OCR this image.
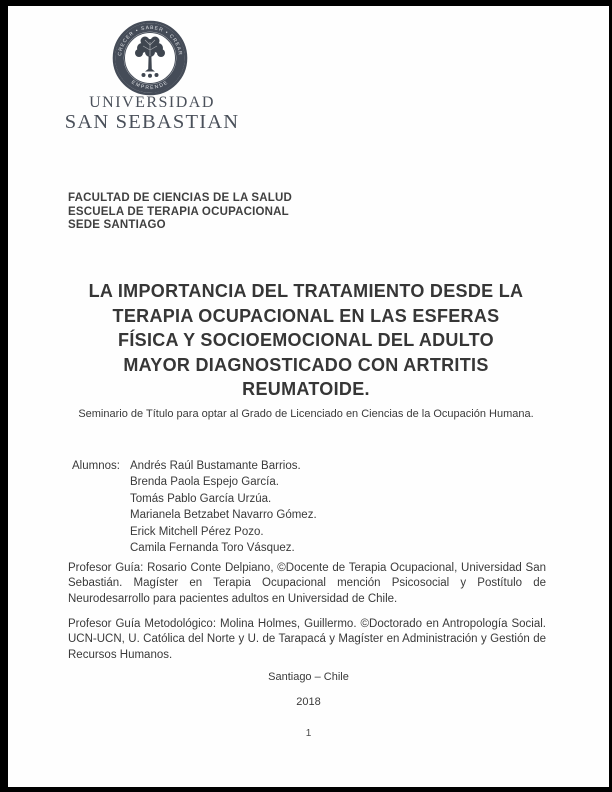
CRECER • SABER • CREAR
EMPRENDE
UNIVERSIDAD
SAN SEBASTIAN
FACULTAD DE CIENCIAS DE LA SALUD
ESCUELA DE TERAPIA OCUPACIONAL
SEDE SANTIAGO
LA IMPORTANCIA DEL TRATAMIENTO DESDE LA
TERAPIA OCUPACIONAL EN LAS ESFERAS
FÍSICA Y SOCIOEMOCIONAL DEL ADULTO
MAYOR DIAGNOSTICADO CON ARTRITIS
REUMATOIDE.
Seminario de Título para optar al Grado de Licenciado en Ciencias de la Ocupación Humana.
Alumnos: Andrés Raúl Bustamante Barrios.
Brenda Paola Espejo García.
Tomás Pablo García Urzúa.
Marianela Betzabet Navarro Gómez.
Erick Mitchell Pérez Pozo.
Camila Fernanda Toro Vásquez.
Profesor Guía: Rosario Conte Delpiano, ©Docente de Terapia Ocupacional, Universidad San Sebastián. Magíster en Terapia Ocupacional mención Psicosocial y Postítulo de Neurodesarrollo para pacientes adultos en Universidad de Chile.
Profesor Guía Metodológico: Molina Holmes, Guillermo. ©Doctorado en Antropología Social. UCN-UCN, U. Católica del Norte y U. de Tarapacá y Magíster en Administración y Gestión de Recursos Humanos.
Santiago – Chile
2018
1
